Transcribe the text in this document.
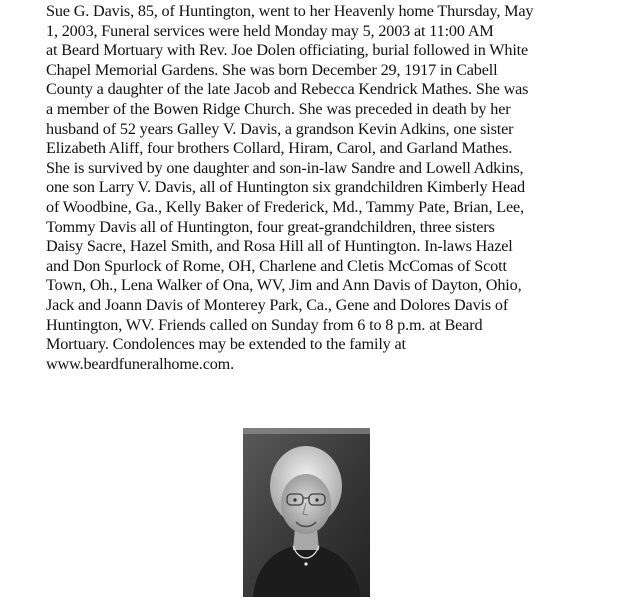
Sue G. Davis, 85, of Huntington, went to her Heavenly home Thursday, May
1, 2003, Funeral services were held Monday may 5, 2003 at 11:00 AM
at Beard Mortuary with Rev. Joe Dolen officiating, burial followed in White
Chapel Memorial Gardens. She was born December 29, 1917 in Cabell
County a daughter of the late Jacob and Rebecca Kendrick Mathes. She was
a member of the Bowen Ridge Church. She was preceded in death by her
husband of 52 years Galley V. Davis, a grandson Kevin Adkins, one sister
Elizabeth Aliff, four brothers Collard, Hiram, Carol, and Garland Mathes.
She is survived by one daughter and son-in-law Sandre and Lowell Adkins,
one son Larry V. Davis, all of Huntington six grandchildren Kimberly Head
of Woodbine, Ga., Kelly Baker of Frederick, Md., Tammy Pate, Brian, Lee,
Tommy Davis all of Huntington, four great-grandchildren, three sisters
Daisy Sacre, Hazel Smith, and Rosa Hill all of Huntington. In-laws Hazel
and Don Spurlock of Rome, OH, Charlene and Cletis McComas of Scott
Town, Oh., Lena Walker of Ona, WV, Jim and Ann Davis of Dayton, Ohio,
Jack and Joann Davis of Monterey Park, Ca., Gene and Dolores Davis of
Huntington, WV. Friends called on Sunday from 6 to 8 p.m. at Beard
Mortuary. Condolences may be extended to the family at
www.beardfuneralhome.com.
